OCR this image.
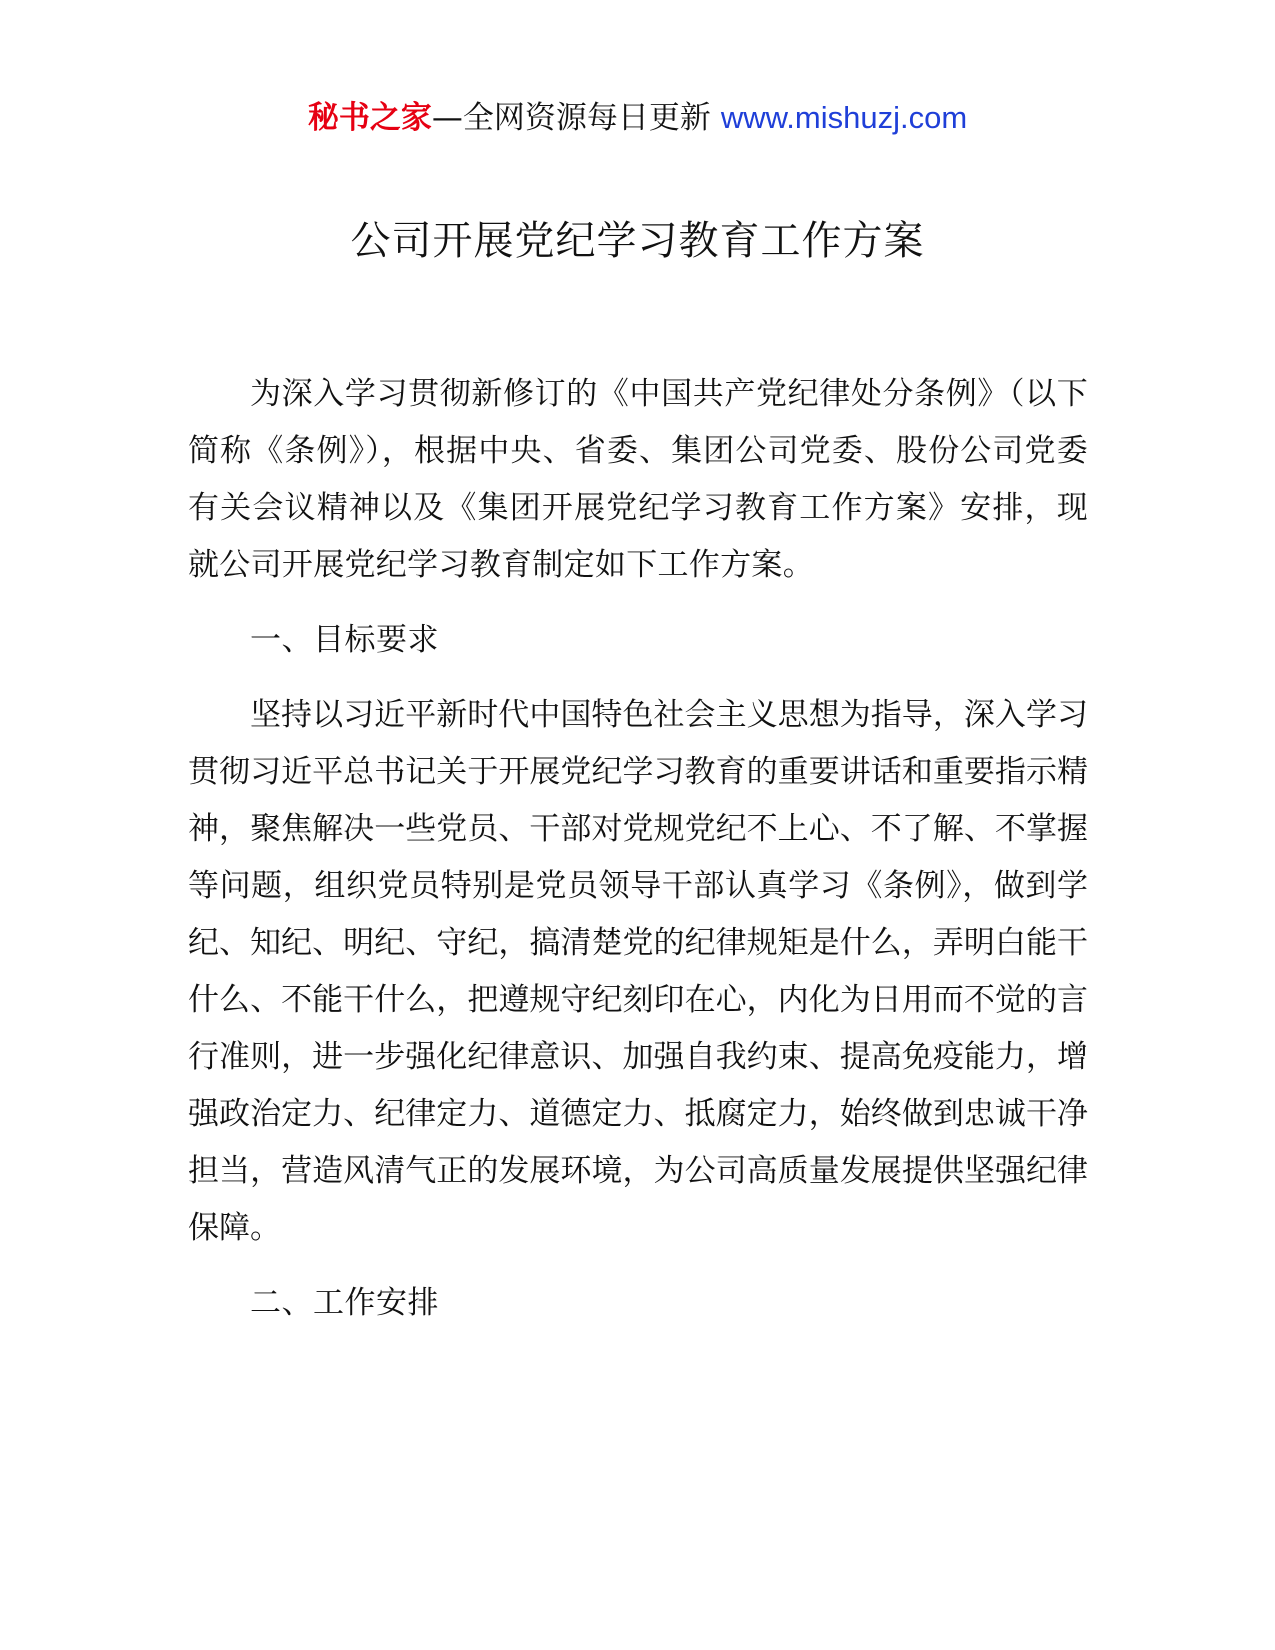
秘书之家—全网资源每日更新 www.mishuzj.com
公司开展党纪学习教育工作方案

为深入学习贯彻新修订的《中国共产党纪律处分条例》（以下简称《条例》），根据中央、省委、集团公司党委、股份公司党委有关会议精神以及《集团开展党纪学习教育工作方案》安排，现就公司开展党纪学习教育制定如下工作方案。

一、目标要求

坚持以习近平新时代中国特色社会主义思想为指导，深入学习贯彻习近平总书记关于开展党纪学习教育的重要讲话和重要指示精神，聚焦解决一些党员、干部对党规党纪不上心、不了解、不掌握等问题，组织党员特别是党员领导干部认真学习《条例》，做到学纪、知纪、明纪、守纪，搞清楚党的纪律规矩是什么，弄明白能干什么、不能干什么，把遵规守纪刻印在心，内化为日用而不觉的言行准则，进一步强化纪律意识、加强自我约束、提高免疫能力，增强政治定力、纪律定力、道德定力、抵腐定力，始终做到忠诚干净担当，营造风清气正的发展环境，为公司高质量发展提供坚强纪律保障。

二、工作安排
